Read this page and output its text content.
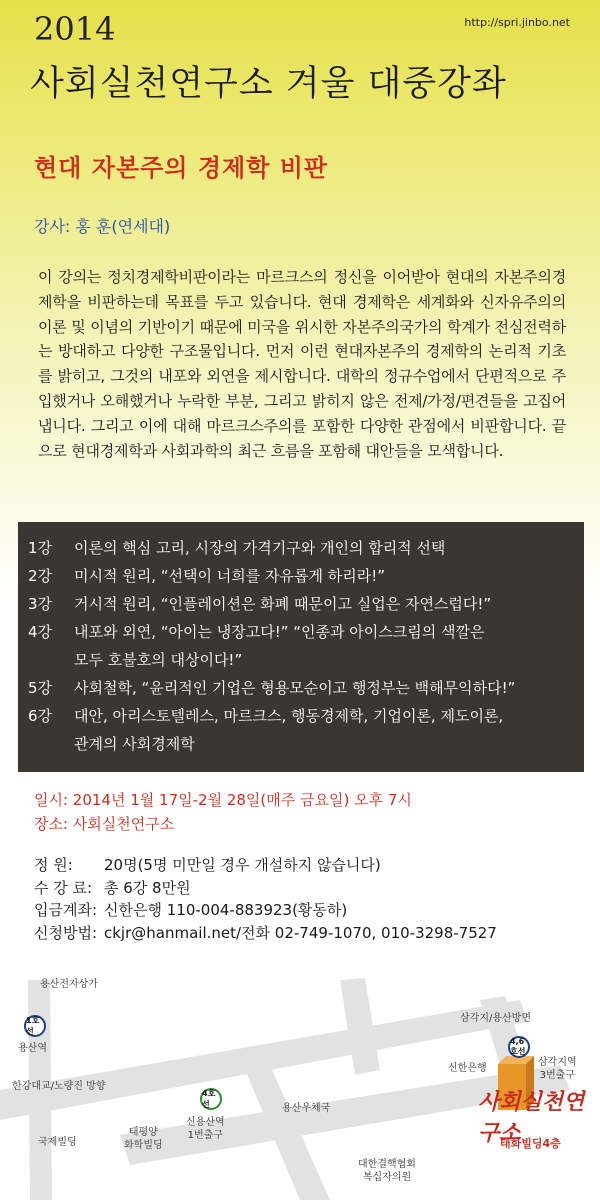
2014	http://spri.jinbo.net
사회실천연구소 겨울 대중강좌
현대 자본주의 경제학 비판
강사: 홍 훈(연세대)
이 강의는 정치경제학비판이라는 마르크스의 정신을 이어받아 현대의 자본주의경제학을 비판하는데 목표를 두고 있습니다. 현대 경제학은 세계화와 신자유주의의 이론 및 이념의 기반이기 때문에 미국을 위시한 자본주의국가의 학계가 전심전력하는 방대하고 다양한 구조물입니다. 먼저 이런 현대자본주의 경제학의 논리적 기초를 밝히고, 그것의 내포와 외연을 제시합니다. 대학의 정규수업에서 단편적으로 주입했거나 오해했거나 누락한 부분, 그리고 밝히지 않은 전제/가정/편견들을 고집어냅니다. 그리고 이에 대해 마르크스주의를 포함한 다양한 관점에서 비판합니다. 끝으로 현대경제학과 사회과학의 최근 흐름을 포함해 대안들을 모색합니다.
1강	이론의 핵심 고리, 시장의 가격기구와 개인의 합리적 선택
2강	미시적 원리, “선택이 너희를 자유롭게 하리라!”
3강	거시적 원리, “인플레이션은 화폐 때문이고 실업은 자연스럽다!”
4강	내포와 외연, “아이는 냉장고다!” “인종과 아이스크림의 색깔은
모두 호불호의 대상이다!”
5강	사회철학, “윤리적인 기업은 형용모순이고 행정부는 백해무익하다!”
6강	대안, 아리스토텔레스, 마르크스, 행동경제학, 기업이론, 제도이론,
관계의 사회경제학
일시: 2014년 1월 17일-2월 28일(매주 금요일) 오후 7시
장소: 사회실천연구소
정 원:	20명(5명 미만일 경우 개설하지 않습니다)
수 강 료: 총 6강 8만원
입금계좌: 신한은행 110-004-883923(황동하)
신청방법: ckjr@hanmail.net/전화 02-749-1070, 010-3298-7527
용산전자상가
1호선
용산역
한강대교/노량진 방향
국제빌딩
태평양
화학빌딩
4호선
신용산역
1번출구
용산우체국
삼각지/용산방면
4,6호선
신한은행
삼각지역
3번출구
대한결핵협회
복십자의원
사회실천연구소
태화빌딩4층
